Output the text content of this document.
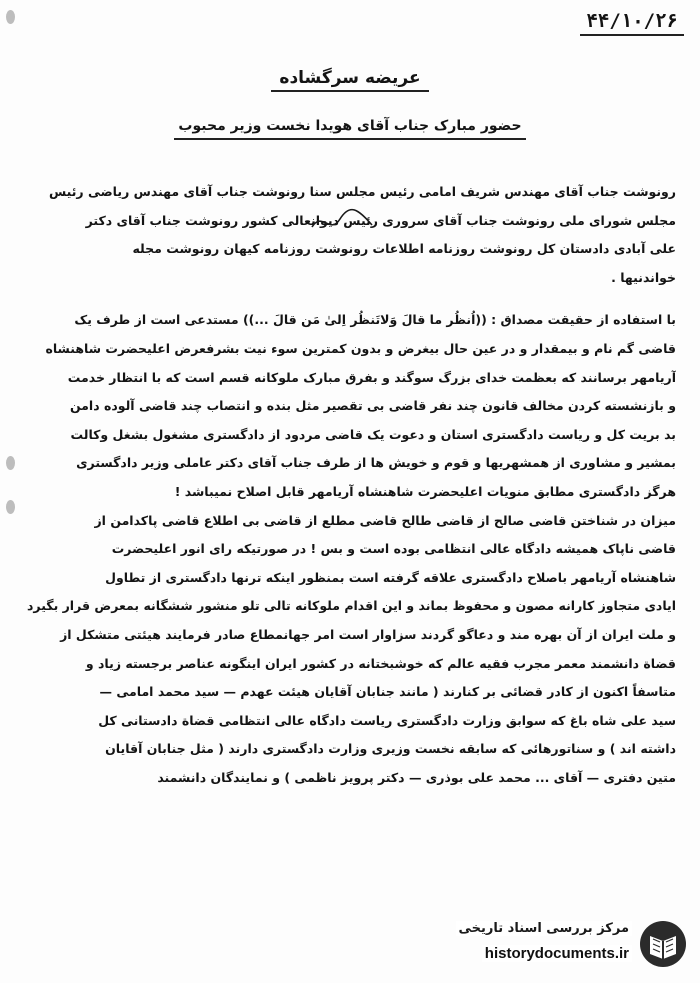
۴۴/۱۰/۲۶
عریضه سرگشاده
حضور مبارک جناب آقای هویدا نخست وزیر محبوب
رونوشت جناب آقای مهندس شریف امامی رئیس مجلس سنا رونوشت جناب آقای مهندس ریاضی رئیس
مجلس شورای ملی رونوشت جناب آقای سروری رئیس دیوانعالی کشور رونوشت جناب آقای دکتر
علی آبادی دادستان کل رونوشت روزنامه اطلاعات رونوشت روزنامه کیهان رونوشت مجله
خواندنیها .
با استفاده از حقیقت مصداق : ((اُنظُر ما قالَ وَلاتَنظُر اِلیٰ مَن قالَ ...)) مستدعی است از طرف یک
قاضی گم نام و بیمقدار و در عین حال بیغرض و بدون کمترین سوء نیت بشرفعرض اعلیحضرت شاهنشاه
آریامهر برسانند که بعظمت خدای بزرگ سوگند و بفرق مبارک ملوکانه قسم است که با انتظار خدمت
و بازنشسته کردن مخالف قانون چند نفر قاضی بی تقصیر مثل بنده و انتصاب چند قاضی آلوده دامن
بد بریت کل و ریاست دادگستری استان و دعوت یک قاضی مردود از دادگستری مشغول بشغل وکالت
بمشیر و مشاوری از همشهریها و قوم و خویش ها از طرف جناب آقای دکتر عاملی وزیر دادگستری
هرگز دادگستری مطابق منویات اعلیحضرت شاهنشاه آریامهر قابل اصلاح نمیباشد !
میزان در شناختن قاضی صالح از قاضی طالح قاضی مطلع از قاضی بی اطلاع قاضی پاکدامن از
قاضی ناپاک همیشه دادگاه عالی انتظامی بوده است و بس ! در صورتیکه رای انور اعلیحضرت
شاهنشاه آریامهر باصلاح دادگستری علاقه گرفته است بمنظور اینکه ترنها دادگستری از تطاول
ایادی متجاوز کارانه مصون و محفوظ بماند و این اقدام ملوکانه تالی تلو منشور ششگانه بمعرض قرار بگیرد
و ملت ایران از آن بهره مند و دعاگو گردند سزاوار است امر جهانمطاع صادر فرمایند هیئتی متشکل از
قضاة دانشمند معمر مجرب فقیه عالم که خوشبختانه در کشور ایران اینگونه عناصر برجسته زیاد و
متاسفاً اکنون از کادر قضائی بر کنارند ( مانند جنابان آقایان هیئت عهدم — سید محمد امامی —
سید علی شاه باغ که سوابق وزارت دادگستری ریاست دادگاه عالی انتظامی قضاة دادستانی کل
داشته اند ) و سناتورهائی که سابقه نخست وزیری وزارت دادگستری دارند ( مثل جنابان آقایان
متین دفتری — آقای ... محمد علی بوذری — دکتر پرویز ناظمی ) و نمایندگان دانشمند
مرکز بررسی اسناد تاریخی
historydocuments.ir
